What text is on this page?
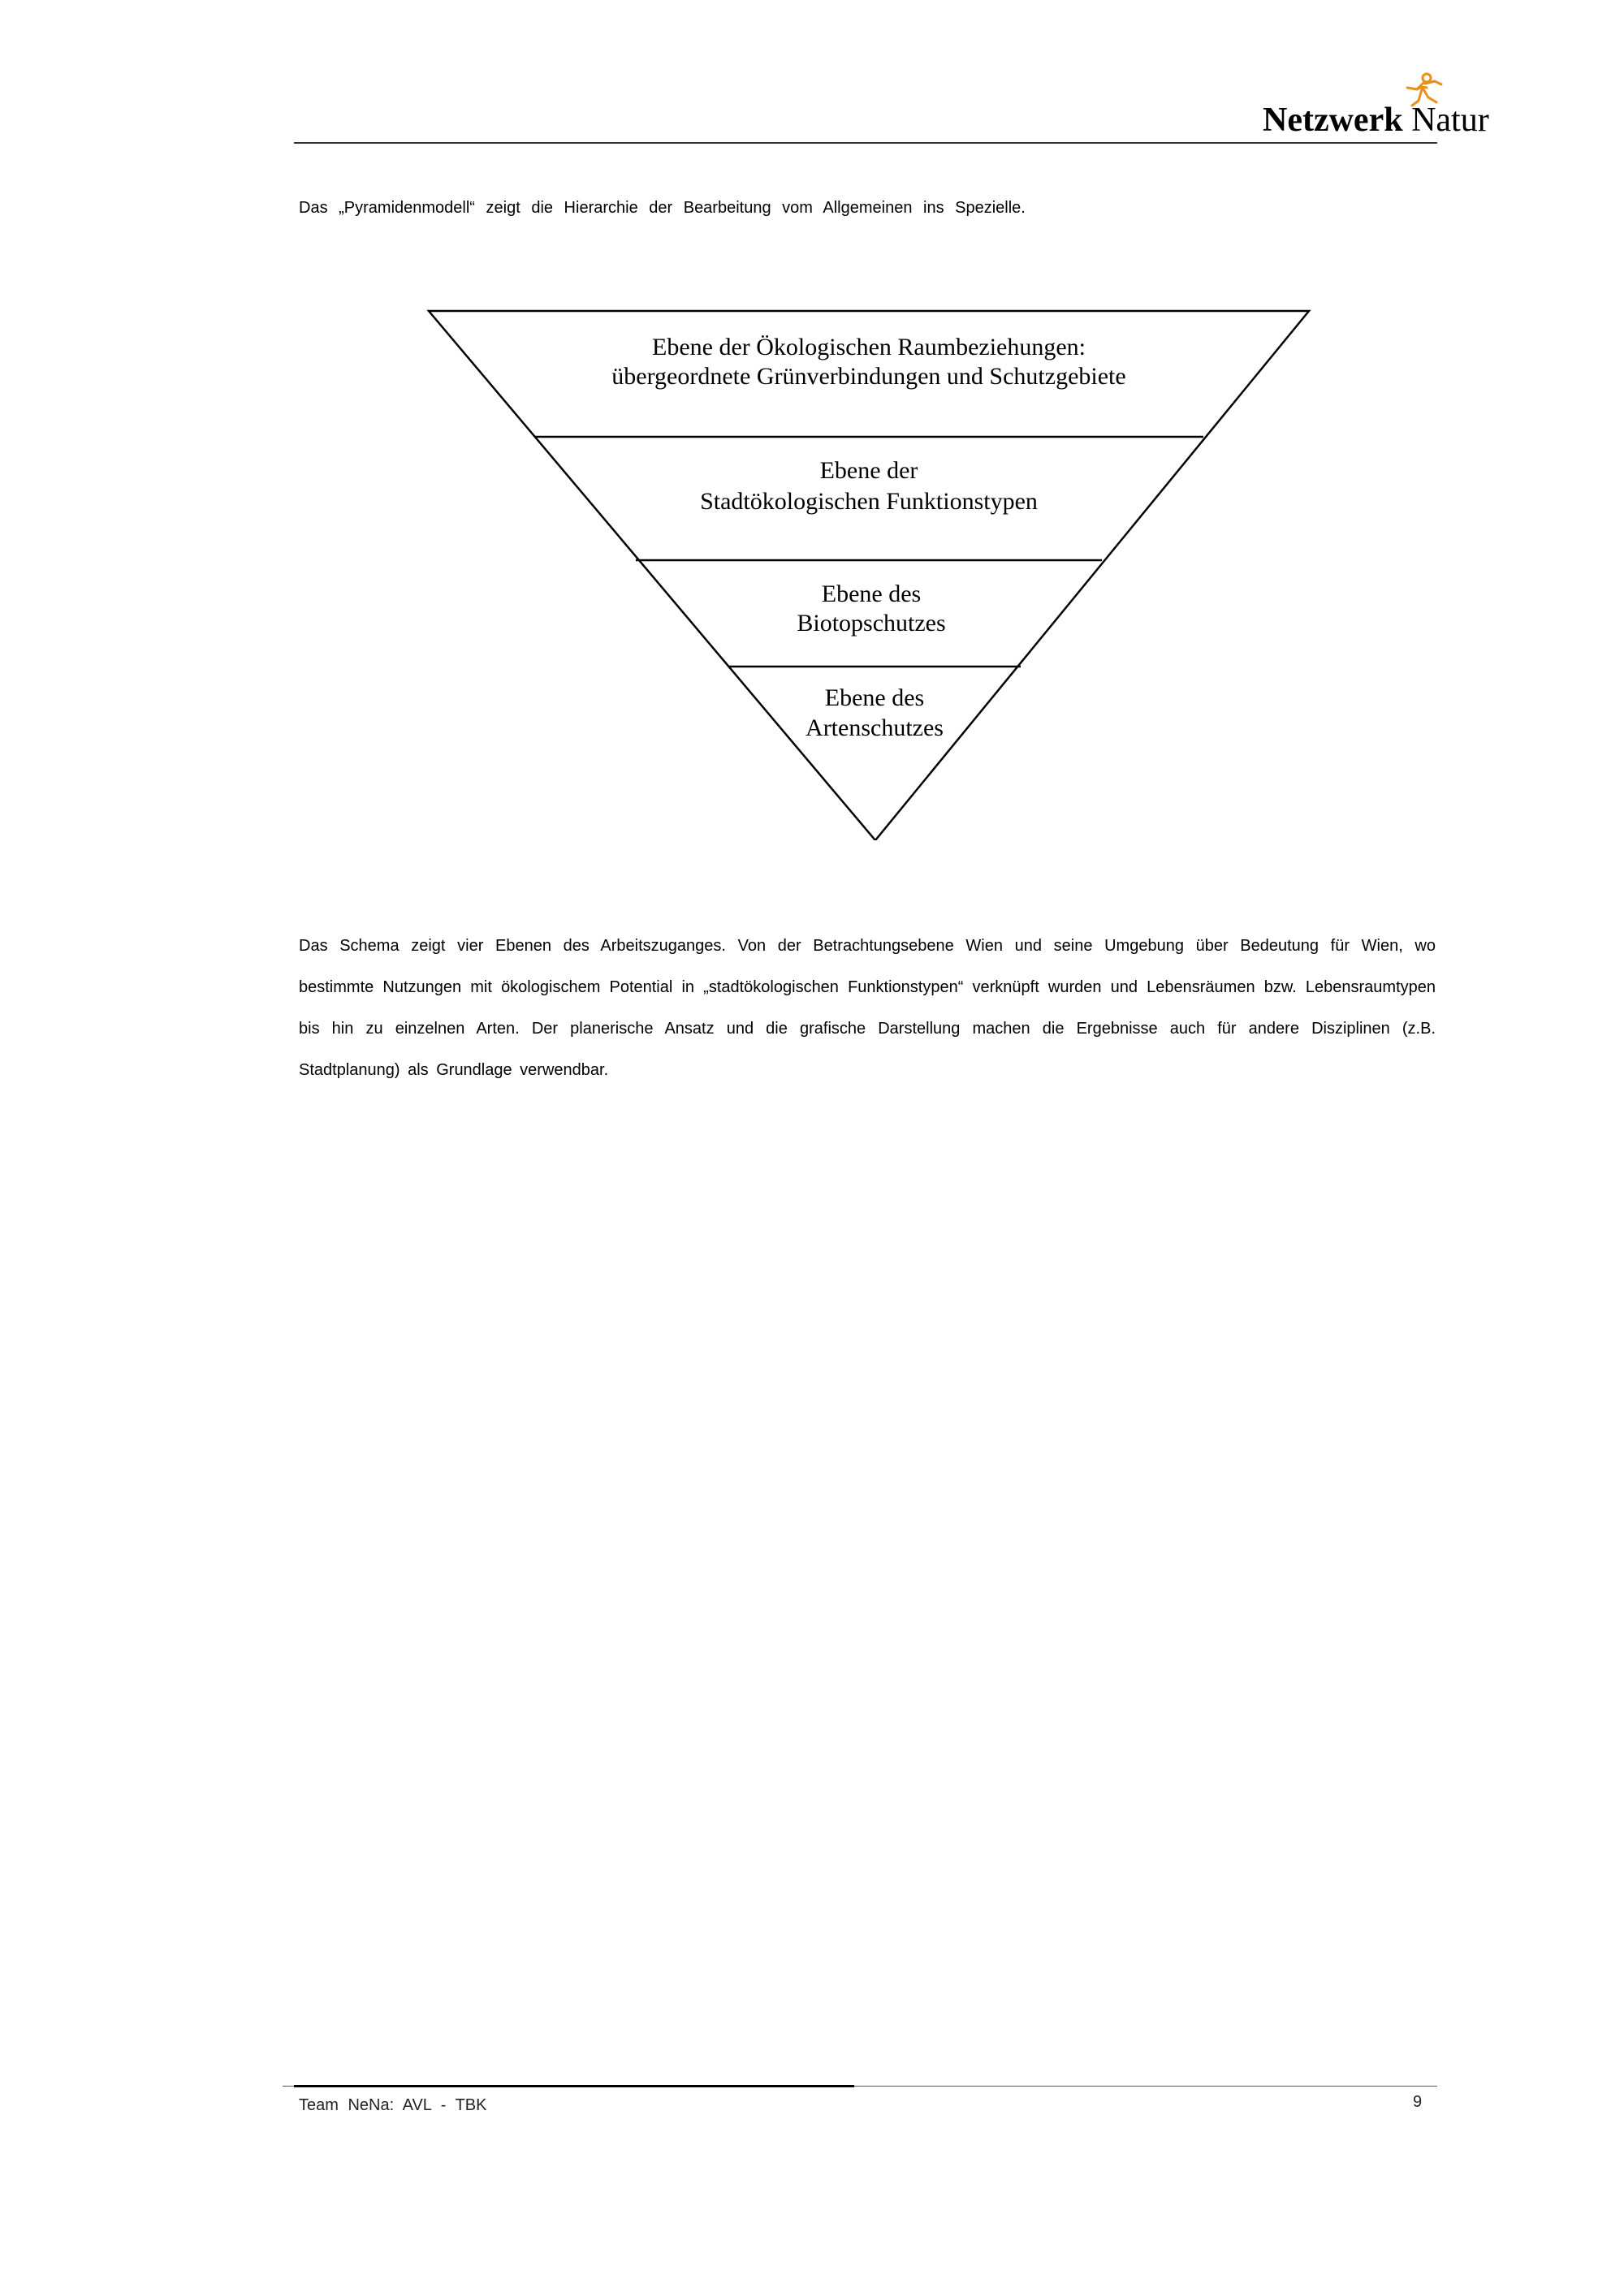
Netzwerk Natur
Das „Pyramidenmodell“ zeigt die Hierarchie der Bearbeitung vom Allgemeinen ins Spezielle.
Ebene der Ökologischen Raumbeziehungen:
übergeordnete Grünverbindungen und Schutzgebiete
Ebene der
Stadtökologischen Funktionstypen
Ebene des
Biotopschutzes
Ebene des
Artenschutzes

Das Schema zeigt vier Ebenen des Arbeitszuganges. Von der Betrachtungsebene Wien und seine Umgebung über Bedeutung für Wien, wo bestimmte Nutzungen mit ökologischem Potential in „stadtökologischen Funktionstypen“ verknüpft wurden und Lebensräumen bzw. Lebensraumtypen bis hin zu einzelnen Arten. Der planerische Ansatz und die grafische Darstellung machen die Ergebnisse auch für andere Disziplinen (z.B. Stadtplanung) als Grundlage verwendbar.

Team NeNa: AVL - TBK	9
